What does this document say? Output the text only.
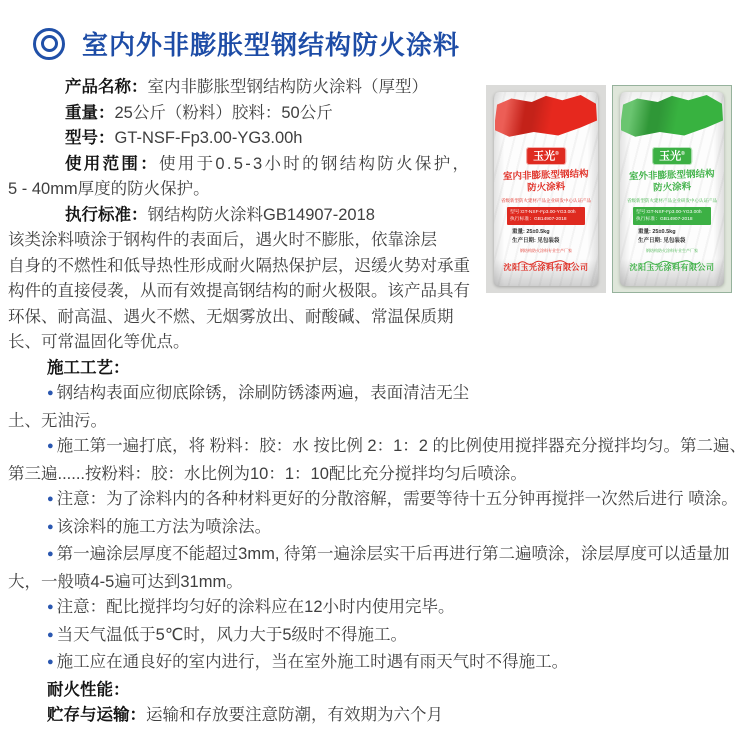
室内外非膨胀型钢结构防火涂料
产品名称：室内非膨胀型钢结构防火涂料（厚型）
重量：25公斤（粉料）胶料：50公斤
型号：GT-NSF-Fp3.00-YG3.00h
使用范围：使用于0.5-3小时的钢结构防火保护，
5 - 40mm厚度的防火保护。
执行标准：钢结构防火涂料GB14907-2018
该类涂料喷涂于钢构件的表面后，遇火时不膨胀，依靠涂层
自身的不燃性和低导热性形成耐火隔热保护层，迟缓火势对承重
构件的直接侵袭，从而有效提高钢结构的耐火极限。该产品具有
环保、耐高温、遇火不燃、无烟雾放出、耐酸碱、常温保质期
长、可常温固化等优点。
施工工艺：
● 钢结构表面应彻底除锈，涂刷防锈漆两遍，表面清洁无尘
土、无油污。
● 施工第一遍打底，将 粉料：胶：水 按比例 2：1：2 的比例使用搅拌器充分搅拌均匀。第二遍、
第三遍......按粉料：胶：水比例为10：1：10配比充分搅拌均匀后喷涂。
● 注意：为了涂料内的各种材料更好的分散溶解，需要等待十五分钟再搅拌一次然后进行 喷涂。
● 该涂料的施工方法为喷涂法。
● 第一遍涂层厚度不能超过3mm, 待第一遍涂层实干后再进行第二遍喷涂，涂层厚度可以适量加
大，一般喷4-5遍可达到31mm。
● 注意：配比搅拌均匀好的涂料应在12小时内使用完毕。
● 当天气温低于5℃时，风力大于5级时不得施工。
● 施工应在通良好的室内进行，当在室外施工时遇有雨天气时不得施工。
耐火性能：
贮存与运输：运输和存放要注意防潮，有效期为六个月
玉光®
室内非膨胀型钢结构
防火涂料
省级新型防火建材产品企业研发中心认证产品
型号:GT-NSF-Fp3.00-YG3.00h
执行标准：GB14907-2018
重量: 25±0.5kg
生产日期: 见包装袋
钢结构防火涂料专业生产厂家
沈阳玉光涂料有限公司
玉光®
室外非膨胀型钢结构
防火涂料
省级新型防火建材产品企业研发中心认证产品
型号:GT-NSF-Fp3.00-YG3.00h
执行标准：GB14907-2018
重量: 25±0.5kg
生产日期: 见包装袋
钢结构防火涂料专业生产厂家
沈阳玉光涂料有限公司
